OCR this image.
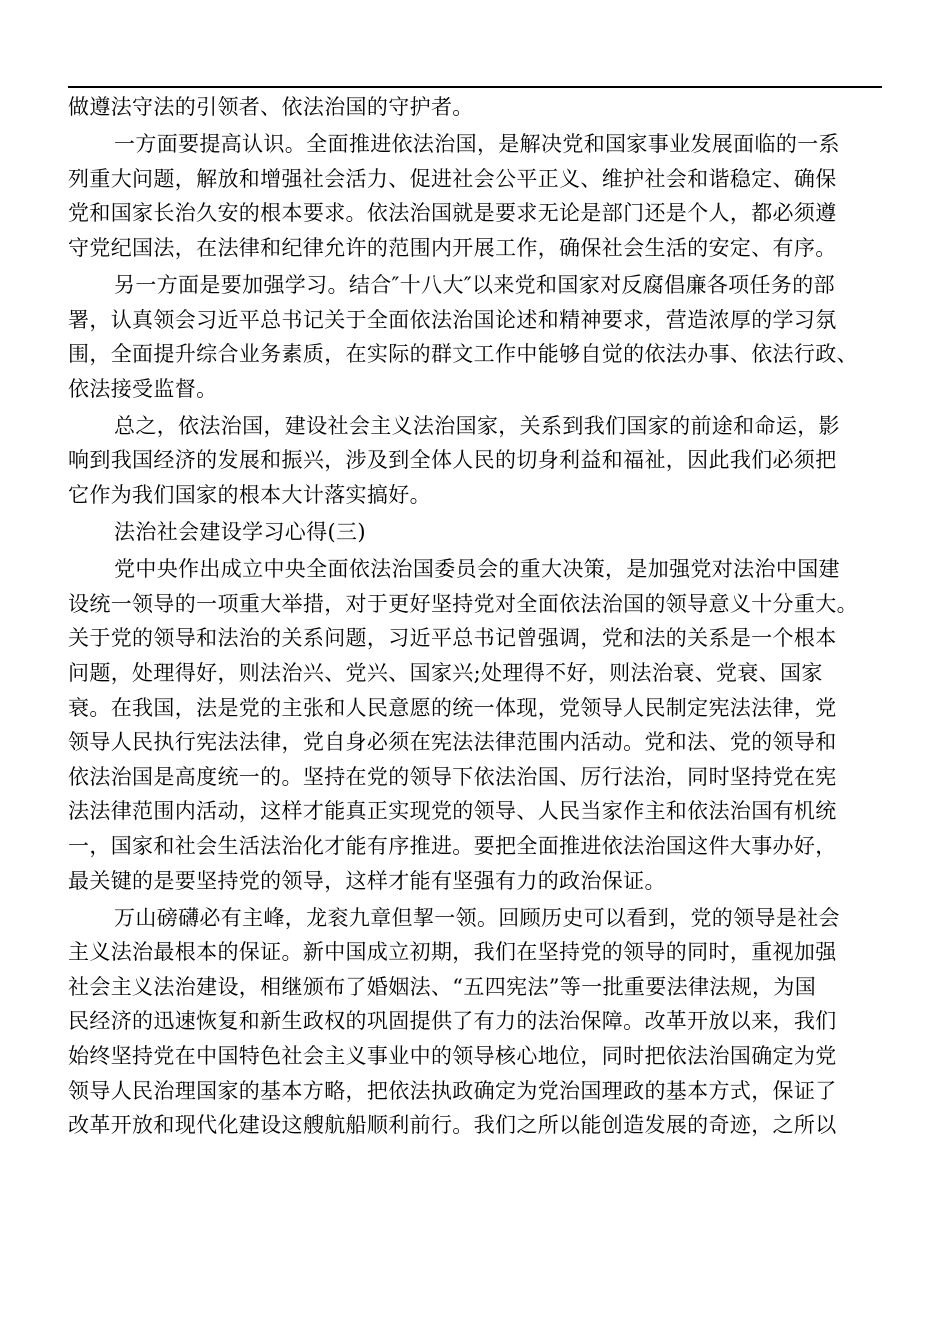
做遵法守法的引领者、依法治国的守护者。
一方面要提高认识。全面推进依法治国，是解决党和国家事业发展面临的一系
列重大问题，解放和增强社会活力、促进社会公平正义、维护社会和谐稳定、确保
党和国家长治久安的根本要求。依法治国就是要求无论是部门还是个人，都必须遵
守党纪国法，在法律和纪律允许的范围内开展工作，确保社会生活的安定、有序。
另一方面是要加强学习。结合″十八大″以来党和国家对反腐倡廉各项任务的部
署，认真领会习近平总书记关于全面依法治国论述和精神要求，营造浓厚的学习氛
围，全面提升综合业务素质，在实际的群文工作中能够自觉的依法办事、依法行政、
依法接受监督。
总之，依法治国，建设社会主义法治国家，关系到我们国家的前途和命运，影
响到我国经济的发展和振兴，涉及到全体人民的切身利益和福祉，因此我们必须把
它作为我们国家的根本大计落实搞好。
法治社会建设学习心得(三)
党中央作出成立中央全面依法治国委员会的重大决策，是加强党对法治中国建
设统一领导的一项重大举措，对于更好坚持党对全面依法治国的领导意义十分重大。
关于党的领导和法治的关系问题，习近平总书记曾强调，党和法的关系是一个根本
问题，处理得好，则法治兴、党兴、国家兴;处理得不好，则法治衰、党衰、国家
衰。在我国，法是党的主张和人民意愿的统一体现，党领导人民制定宪法法律，党
领导人民执行宪法法律，党自身必须在宪法法律范围内活动。党和法、党的领导和
依法治国是高度统一的。坚持在党的领导下依法治国、厉行法治，同时坚持党在宪
法法律范围内活动，这样才能真正实现党的领导、人民当家作主和依法治国有机统
一，国家和社会生活法治化才能有序推进。要把全面推进依法治国这件大事办好，
最关键的是要坚持党的领导，这样才能有坚强有力的政治保证。
万山磅礴必有主峰，龙衮九章但挈一领。回顾历史可以看到，党的领导是社会
主义法治最根本的保证。新中国成立初期，我们在坚持党的领导的同时，重视加强
社会主义法治建设，相继颁布了婚姻法、“五四宪法”等一批重要法律法规，为国
民经济的迅速恢复和新生政权的巩固提供了有力的法治保障。改革开放以来，我们
始终坚持党在中国特色社会主义事业中的领导核心地位，同时把依法治国确定为党
领导人民治理国家的基本方略，把依法执政确定为党治国理政的基本方式，保证了
改革开放和现代化建设这艘航船顺利前行。我们之所以能创造发展的奇迹，之所以
